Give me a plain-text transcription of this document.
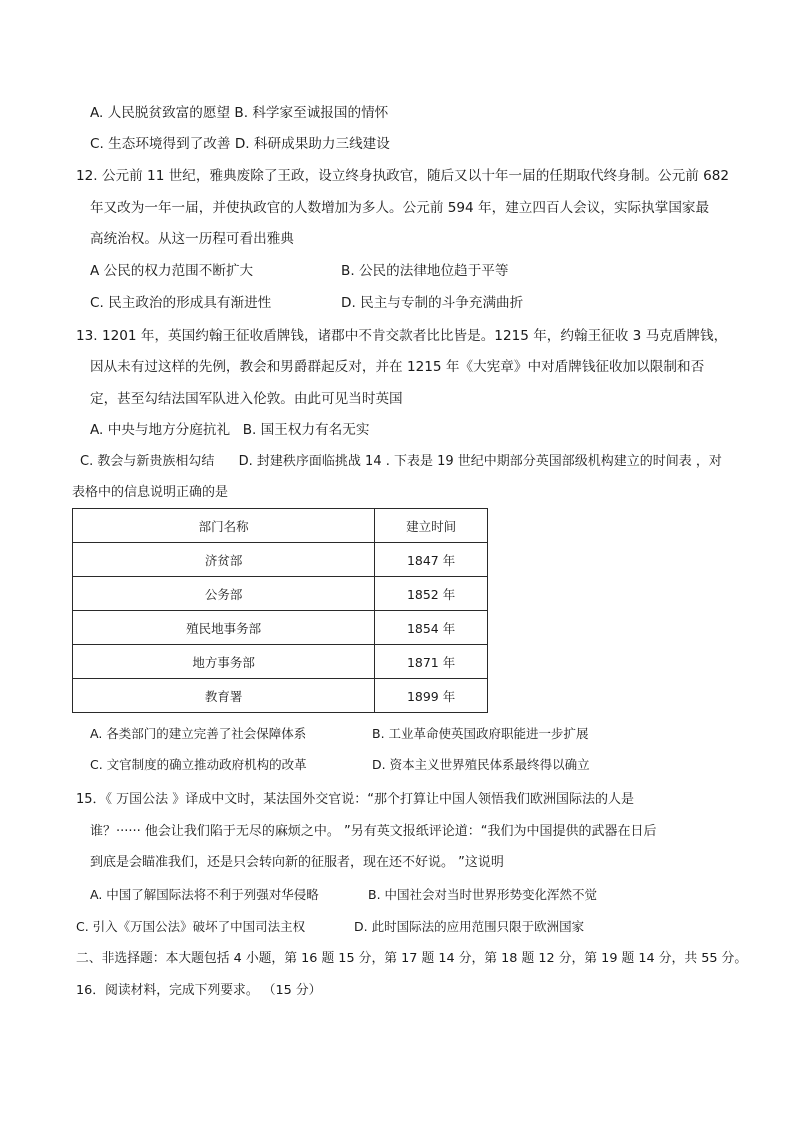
A. 人民脱贫致富的愿望 B. 科学家至诚报国的情怀
C. 生态环境得到了改善 D. 科研成果助力三线建设
12. 公元前 11 世纪，雅典废除了王政，设立终身执政官，随后又以十年一届的任期取代终身制。公元前 682
年又改为一年一届，并使执政官的人数增加为多人。公元前 594 年，建立四百人会议，实际执掌国家最
高统治权。从这一历程可看出雅典
A 公民的权力范围不断扩大	B. 公民的法律地位趋于平等
C. 民主政治的形成具有渐进性	D. 民主与专制的斗争充满曲折
13. 1201 年，英国约翰王征收盾牌钱，诸郡中不肯交款者比比皆是。1215 年，约翰王征收 3 马克盾牌钱，
因从未有过这样的先例，教会和男爵群起反对，并在 1215 年《大宪章》中对盾牌钱征收加以限制和否
定，甚至勾结法国军队进入伦敦。由此可见当时英国
A. 中央与地方分庭抗礼 B. 国王权力有名无实
C. 教会与新贵族相勾结 D. 封建秩序面临挑战 14 . 下表是 19 世纪中期部分英国部级机构建立的时间表 ，对
表格中的信息说明正确的是
部门名称	建立时间
济贫部	1847 年
公务部	1852 年
殖民地事务部	1854 年
地方事务部	1871 年
教育署	1899 年
A. 各类部门的建立完善了社会保障体系	B. 工业革命使英国政府职能进一步扩展
C. 文官制度的确立推动政府机构的改革	D. 资本主义世界殖民体系最终得以确立
15．《 万国公法 》译成中文时，某法国外交官说：“那个打算让中国人领悟我们欧洲国际法的人是
谁？······ 他会让我们陷于无尽的麻烦之中。 ”另有英文报纸评论道：“我们为中国提供的武器在日后
到底是会瞄准我们，还是只会转向新的征服者，现在还不好说。 ”这说明
A. 中国了解国际法将不利于列强对华侵略	B. 中国社会对当时世界形势变化浑然不觉
C. 引入《万国公法》破坏了中国司法主权	D. 此时国际法的应用范围只限于欧洲国家
二、非选择题：本大题包括 4 小题，第 16 题 15 分，第 17 题 14 分，第 18 题 12 分，第 19 题 14 分，共 55 分。
16．阅读材料，完成下列要求。 （15 分）
